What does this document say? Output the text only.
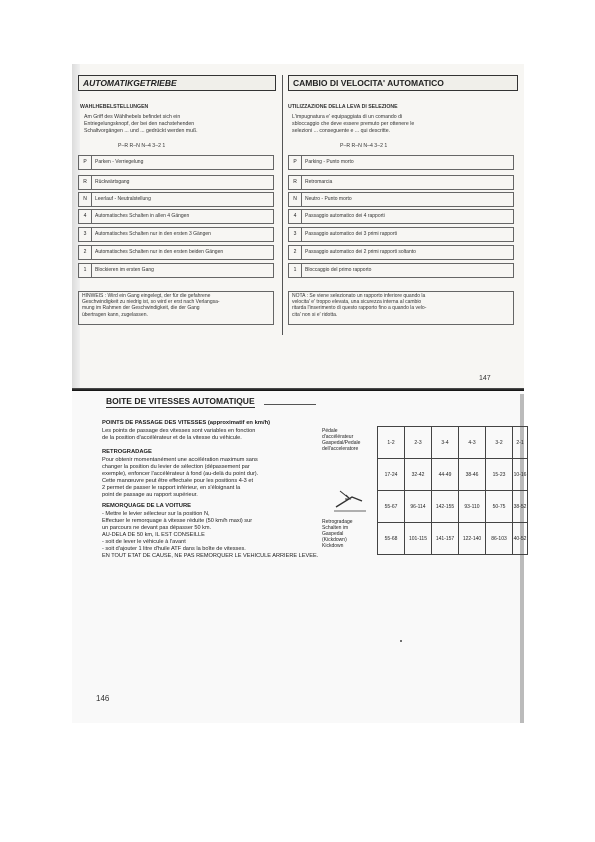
AUTOMATIKGETRIEBE	CAMBIO DI VELOCITA' AUTOMATICO
WÄHLHEBELSTELLUNGEN
Am Griff des Wählhebels befindet sich ein
Entriegelungsknopf, der bei den nachstehenden
Schaltvorgängen ... und ... gedrückt werden muß.
P–R R–N N–4 3–2 1
UTILIZZAZIONE DELLA LEVA DI SELEZIONE
L'impugnatura e' equipaggiata di un comando di
sbloccaggio che deve essere premuto per ottenere le
selezioni ... conseguente e ... qui descritte.
P–R R–N N–4 3–2 1
P	Parken - Verriegelung
R	Rückwärtsgang
N	Leerlauf - Neutralstellung
4	Automatisches Schalten in allen 4 Gängen
3	Automatisches Schalten nur in den ersten 3 Gängen
2	Automatisches Schalten nur in den ersten beiden Gängen
1	Blockieren im ersten Gang
P	Parking - Punto morto
R	Retromarcia
N	Neutro - Punto morto
4	Passaggio automatico dei 4 rapporti
3	Passaggio automatico dei 3 primi rapporti
2	Passaggio automatico dei 2 primi rapporti soltanto
1	Bloccaggio del primo rapporto
HINWEIS : Wird ein Gang eingelegt, der für die gefahrene
Geschwindigkeit zu niedrig ist, so wird er erst nach Verlangsa-
mung im Rahmen der Geschwindigkeit, die der Gang
übertragen kann, zugelassen.
NOTA : Se viene selezionato un rapporto inferiore quando la
velocita' e' troppo elevata, una sicurezza interna al cambio
ritarda l'inserimento di questo rapporto fino a quando la velo-
cita' non si e' ridotta.
147
BOITE DE VITESSES AUTOMATIQUE
POINTS DE PASSAGE DES VITESSES (approximatif en km/h)
Les points de passage des vitesses sont variables en fonction
de la position d'accélérateur et de la vitesse du véhicule.
RETROGRADAGE
Pour obtenir momentanément une accélération maximum sans
changer la position du levier de sélection (dépassement par
exemple), enfoncer l'accélérateur à fond (au-delà du point dur).
Cette manœuvre peut être effectuée pour les positions 4-3 et
2 permet de passer le rapport inférieur, en s'éloignant la
point de passage au rapport supérieur.
REMORQUAGE DE LA VOITURE
- Mettre le levier sélecteur sur la position N,
Effectuer le remorquage à vitesse réduite (50 km/h maxi) sur
un parcours ne devant pas dépasser 50 km.
AU-DELA DE 50 km, IL EST CONSEILLE
- soit de lever le véhicule à l'avant
- soit d'ajouter 1 litre d'huile ATF dans la boîte de vitesses.
EN TOUT ETAT DE CAUSE, NE PAS REMORQUER LE VEHICULE ARRIERE LEVEE.
Pédale
d'accélérateur
Gaspedal/Pedale
dell'acceleratore
Retrogradage
Schalten im
Gaspedal
(Kickdown)
Kickdown
	1-2	2-3	3-4	4-3	3-2	2-1
	17-24	32-42	44-49	38-46	15-23	10-16
	55-67	96-114	142-155	93-110	50-75	38-52
	55-68	101-115	141-157	122-140	86-103	40-52
146
